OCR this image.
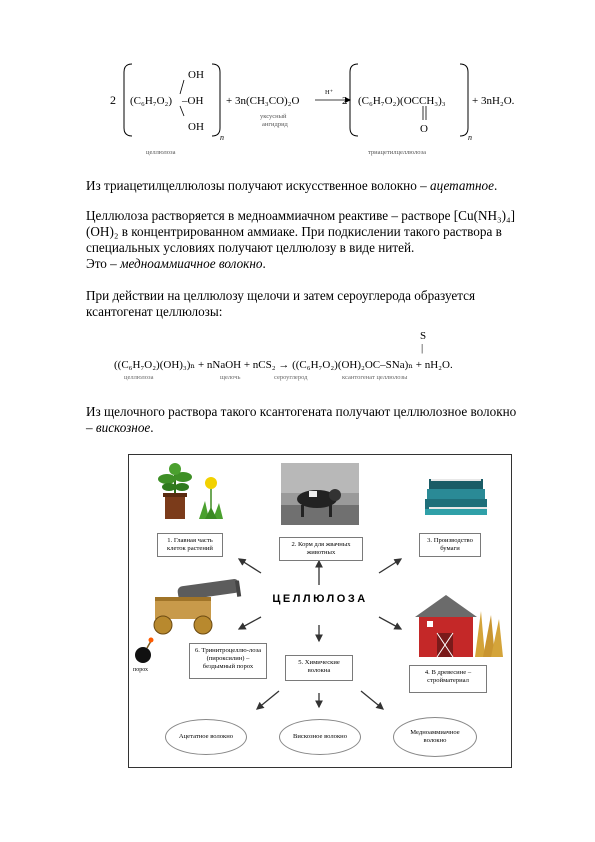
2 (C₆H₇O₂)
OH
–OH
OH
n
+ 3n(CH₃CO)₂O
уксусный
ангидрид
H⁺
2 (C₆H₇O₂)(OCCH₃)₃
O
n
+ 3nH₂O.
целлюлоза	триацетилцеллюлоза
Из триацетилцеллюлозы получают искусственное волокно – ацетатное.
Целлюлоза растворяется в медноаммиачном реактиве – растворе [Cu(NH₃)₄]
(OH)₂ в концентрированном аммиаке. При подкислении такого раствора в
специальных условиях получают целлюлозу в виде нитей.
Это – медноаммиачное волокно.
При действии на целлюлозу щелочи и затем сероуглерода образуется
ксантогенат целлюлозы:
S
|
((C₆H₇O₂)(OH)₃)ₙ + nNaOH + nCS₂ → ((C₆H₇O₂)(OH)₂OC–SNa)ₙ + nH₂O.
целлюлоза	щелочь	сероуглерод	ксантогенат целлюлозы
Из щелочного раствора такого ксантогената получают целлюлозное волокно
– вискозное.
ЦЕЛЛЮЛОЗА
1. Главная часть клеток растений
2. Корм для жвачных животных
3. Производство бумаги
6. Тринитроцеллю-лоза (пироксилин) – бездымный порох
5. Химические волокна	4. В древесине – стройматериал
порох
Ацетатное волокно	Вискозное волокно
Медноаммиачное волокно
